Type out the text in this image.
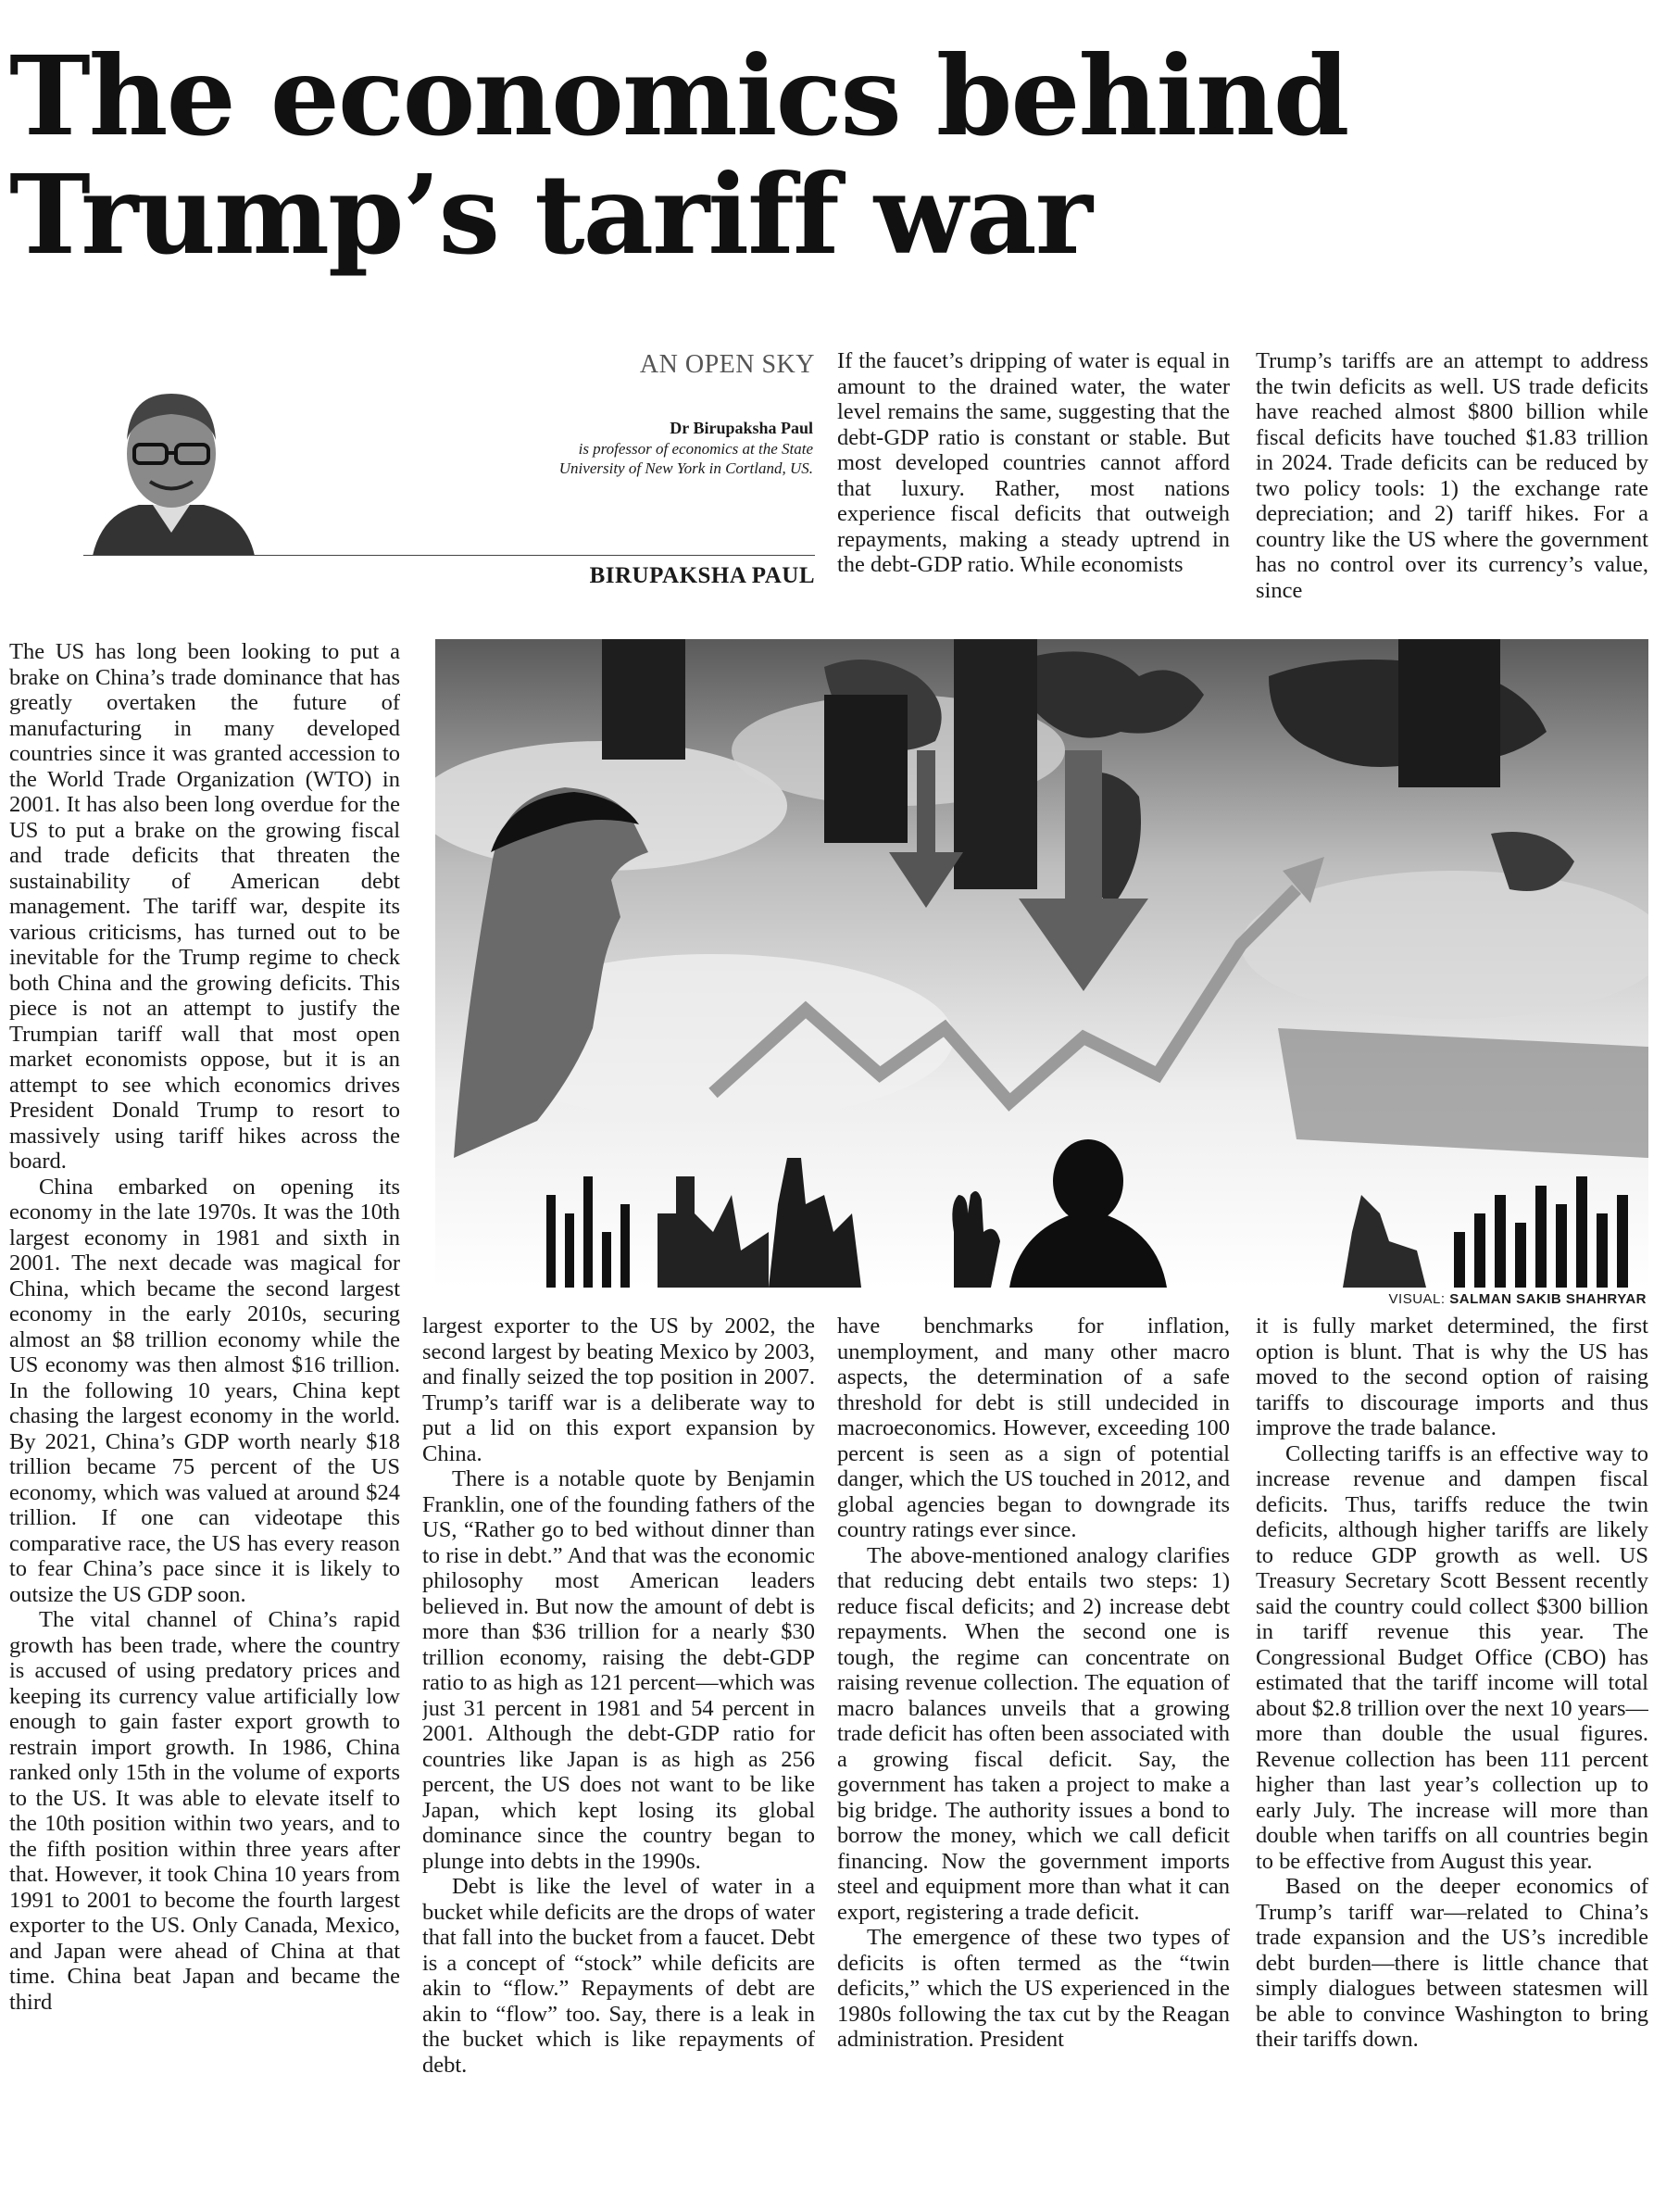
The economics behind
Trump’s tariff war
AN OPEN SKY
Dr Birupaksha Paul
is professor of economics at the State
University of New York in Cortland, US.
BIRUPAKSHA PAUL

If the faucet’s dripping of water is equal in amount to the drained water, the water level remains the same, suggesting that the debt-GDP ratio is constant or stable. But most developed countries cannot afford that luxury. Rather, most nations experience fiscal deficits that outweigh repayments, making a steady uptrend in the debt-GDP ratio. While economists

Trump’s tariffs are an attempt to address the twin deficits as well. US trade deficits have reached almost $800 billion while fiscal deficits have touched $1.83 trillion in 2024. Trade deficits can be reduced by two policy tools: 1) the exchange rate depreciation; and 2) tariff hikes. For a country like the US where the government has no control over its currency’s value, since

The US has long been looking to put a brake on China’s trade dominance that has greatly overtaken the future of manufacturing in many developed countries since it was granted accession to the World Trade Organization (WTO) in 2001. It has also been long overdue for the US to put a brake on the growing fiscal and trade deficits that threaten the sustainability of American debt management. The tariff war, despite its various criticisms, has turned out to be inevitable for the Trump regime to check both China and the growing deficits. This piece is not an attempt to justify the Trumpian tariff wall that most open market economists oppose, but it is an attempt to see which economics drives President Donald Trump to resort to massively using tariff hikes across the board.

China embarked on opening its economy in the late 1970s. It was the 10th largest economy in 1981 and sixth in 2001. The next decade was magical for China, which became the second largest economy in the early 2010s, securing almost an $8 trillion economy while the US economy was then almost $16 trillion. In the following 10 years, China kept chasing the largest economy in the world. By 2021, China’s GDP worth nearly $18 trillion became 75 percent of the US economy, which was valued at around $24 trillion. If one can videotape this comparative race, the US has every reason to fear China’s pace since it is likely to outsize the US GDP soon.

The vital channel of China’s rapid growth has been trade, where the country is accused of using predatory prices and keeping its currency value artificially low enough to gain faster export growth to restrain import growth. In 1986, China ranked only 15th in the volume of exports to the US. It was able to elevate itself to the 10th position within two years, and to the fifth position within three years after that. However, it took China 10 years from 1991 to 2001 to become the fourth largest exporter to the US. Only Canada, Mexico, and Japan were ahead of China at that time. China beat Japan and became the third

VISUAL: SALMAN SAKIB SHAHRYAR

largest exporter to the US by 2002, the second largest by beating Mexico by 2003, and finally seized the top position in 2007. Trump’s tariff war is a deliberate way to put a lid on this export expansion by China.

There is a notable quote by Benjamin Franklin, one of the founding fathers of the US, “Rather go to bed without dinner than to rise in debt.” And that was the economic philosophy most American leaders believed in. But now the amount of debt is more than $36 trillion for a nearly $30 trillion economy, raising the debt-GDP ratio to as high as 121 percent—which was just 31 percent in 1981 and 54 percent in 2001. Although the debt-GDP ratio for countries like Japan is as high as 256 percent, the US does not want to be like Japan, which kept losing its global dominance since the country began to plunge into debts in the 1990s.

Debt is like the level of water in a bucket while deficits are the drops of water that fall into the bucket from a faucet. Debt is a concept of “stock” while deficits are akin to “flow.” Repayments of debt are akin to “flow” too. Say, there is a leak in the bucket which is like repayments of debt.

have benchmarks for inflation, unemployment, and many other macro aspects, the determination of a safe threshold for debt is still undecided in macroeconomics. However, exceeding 100 percent is seen as a sign of potential danger, which the US touched in 2012, and global agencies began to downgrade its country ratings ever since.

The above-mentioned analogy clarifies that reducing debt entails two steps: 1) reduce fiscal deficits; and 2) increase debt repayments. When the second one is tough, the regime can concentrate on raising revenue collection. The equation of macro balances unveils that a growing trade deficit has often been associated with a growing fiscal deficit. Say, the government has taken a project to make a big bridge. The authority issues a bond to borrow the money, which we call deficit financing. Now the government imports steel and equipment more than what it can export, registering a trade deficit.

The emergence of these two types of deficits is often termed as the “twin deficits,” which the US experienced in the 1980s following the tax cut by the Reagan administration. President

it is fully market determined, the first option is blunt. That is why the US has moved to the second option of raising tariffs to discourage imports and thus improve the trade balance.

Collecting tariffs is an effective way to increase revenue and dampen fiscal deficits. Thus, tariffs reduce the twin deficits, although higher tariffs are likely to reduce GDP growth as well. US Treasury Secretary Scott Bessent recently said the country could collect $300 billion in tariff revenue this year. The Congressional Budget Office (CBO) has estimated that the tariff income will total about $2.8 trillion over the next 10 years—more than double the usual figures. Revenue collection has been 111 percent higher than last year’s collection up to early July. The increase will more than double when tariffs on all countries begin to be effective from August this year.

Based on the deeper economics of Trump’s tariff war—related to China’s trade expansion and the US’s incredible debt burden—there is little chance that simply dialogues between statesmen will be able to convince Washington to bring their tariffs down.
